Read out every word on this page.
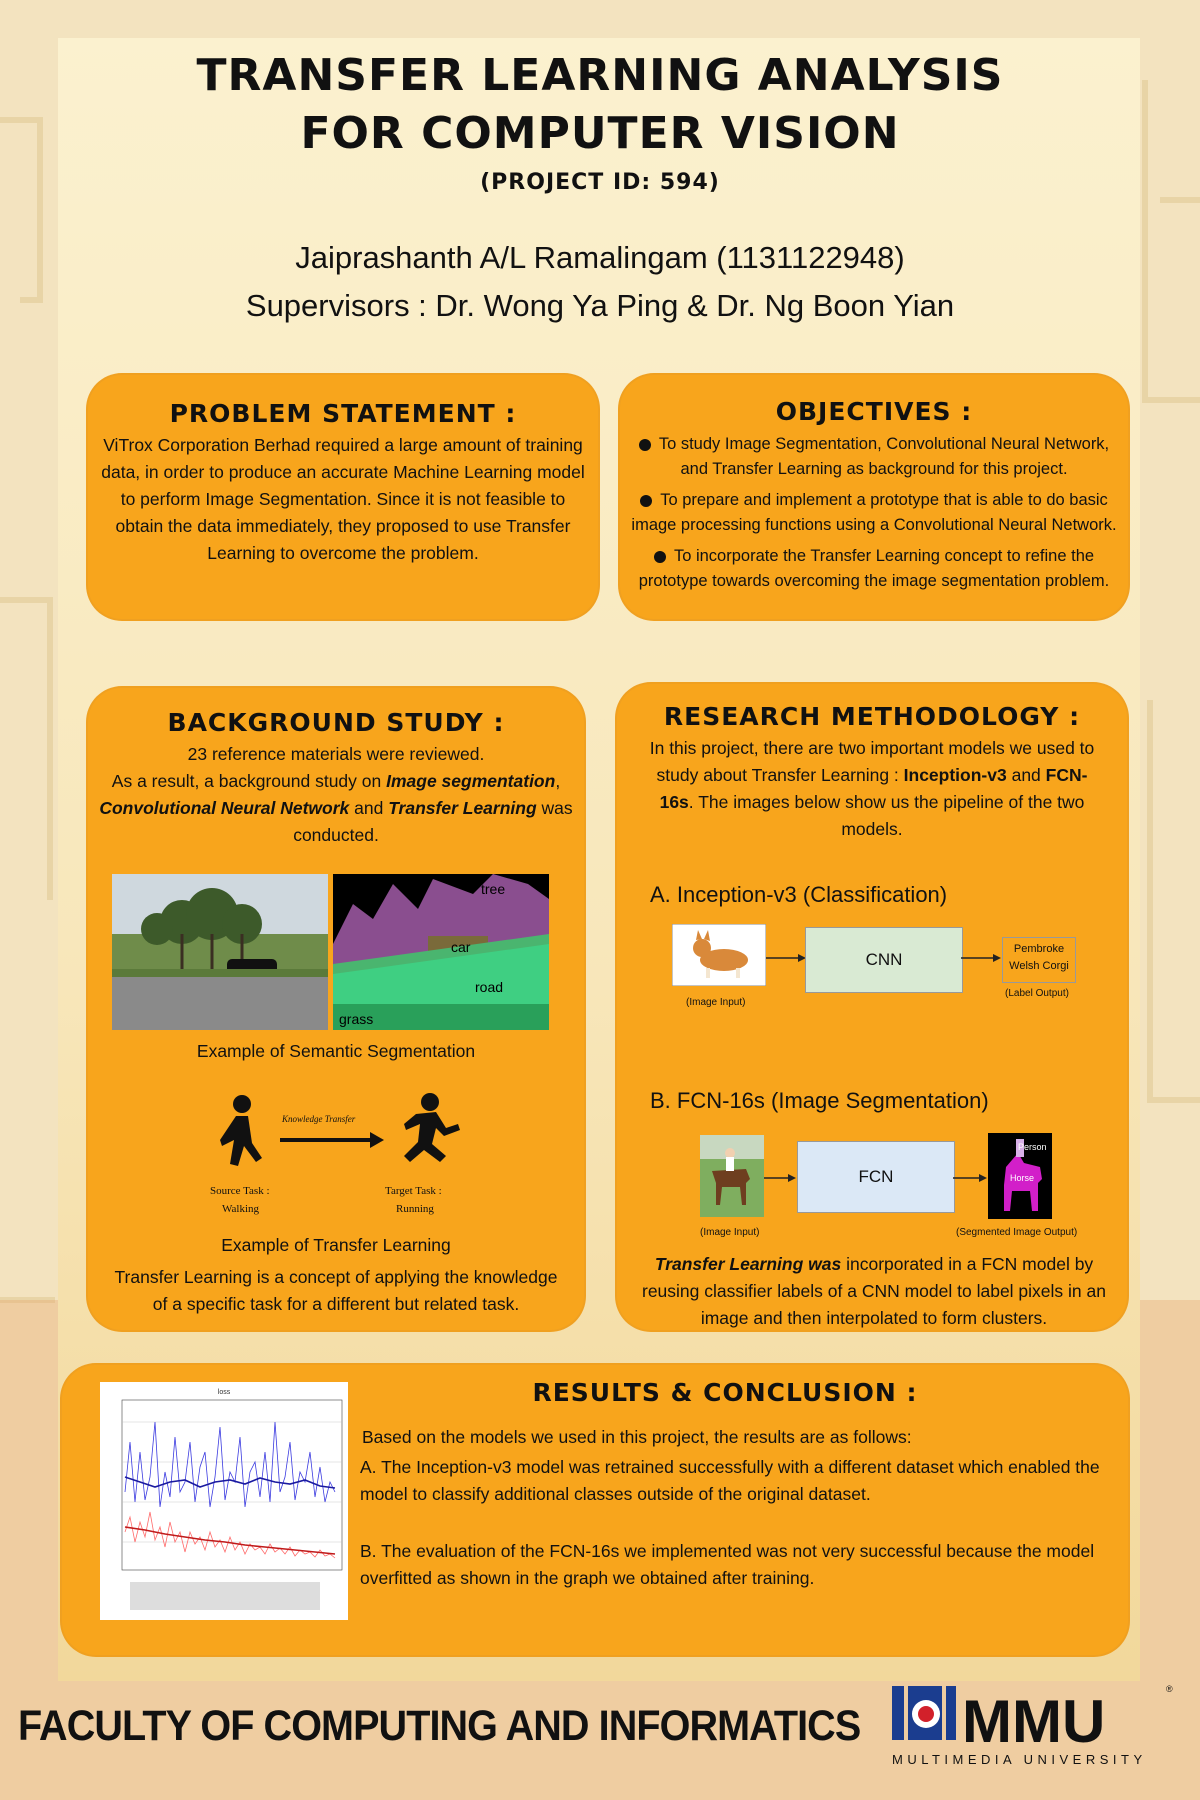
TRANSFER LEARNING ANALYSIS
FOR COMPUTER VISION
(PROJECT ID: 594)
Jaiprashanth A/L Ramalingam (1131122948)
Supervisors : Dr. Wong Ya Ping & Dr. Ng Boon Yian
PROBLEM STATEMENT :
ViTrox Corporation Berhad required a large amount of training data, in order to produce an accurate Machine Learning model to perform Image Segmentation. Since it is not feasible to obtain the data immediately, they proposed to use Transfer Learning to overcome the problem.
OBJECTIVES :
To study Image Segmentation, Convolutional Neural Network, and Transfer Learning as background for this project.
To prepare and implement a prototype that is able to do basic image processing functions using a Convolutional Neural Network.
To incorporate the Transfer Learning concept to refine the prototype towards overcoming the image segmentation problem.
BACKGROUND STUDY :
23 reference materials were reviewed.
As a result, a background study on Image segmentation,
Convolutional Neural Network and Transfer Learning was
conducted.
tree
car
road
grass
Example of Semantic Segmentation
Knowledge Transfer
Source Task :
Walking
Target Task :
Running
Example of Transfer Learning
Transfer Learning is a concept of applying the knowledge of a specific task for a different but related task.
RESEARCH METHODOLOGY :
In this project, there are two important models we used to study about Transfer Learning : Inception-v3 and FCN-16s. The images below show us the pipeline of the two models.
A. Inception-v3 (Classification)
(Image Input)
CNN
Pembroke
Welsh Corgi
(Label Output)
B. FCN-16s (Image Segmentation)
(Image Input)
FCN
Person
Horse
(Segmented Image Output)
Transfer Learning was incorporated in a FCN model by reusing classifier labels of a CNN model to label pixels in an image and then interpolated to form clusters.
RESULTS & CONCLUSION :
loss
Based on the models we used in this project, the results are as follows:
A. The Inception-v3 model was retrained successfully with a different dataset which enabled the model to classify additional classes outside of the original dataset.
B. The evaluation of the FCN-16s we implemented was not very successful because the model overfitted as shown in the graph we obtained after training.
FACULTY OF COMPUTING AND INFORMATICS MMU	®
MULTIMEDIA UNIVERSITY
